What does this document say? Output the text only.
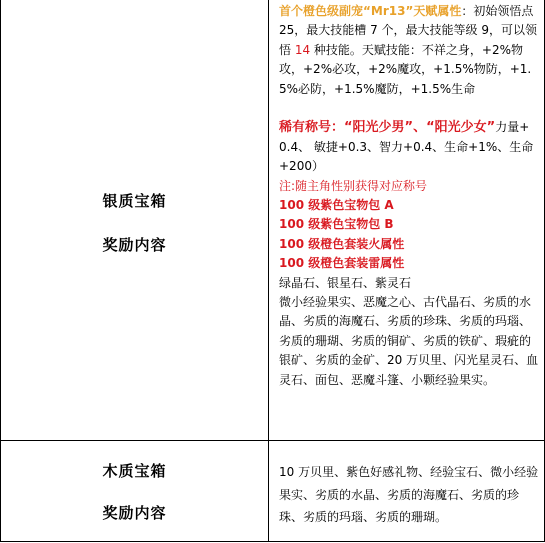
银质宝箱
奖励内容
首个橙色级副宠“Mr13”天赋属性：初始领悟点 25，最大技能槽 7 个，最大技能等级 9，可以领悟 14 种技能。天赋技能：不祥之身，+2%物攻，+2%必攻，+2%魔攻，+1.5%物防，+1.5%必防，+1.5%魔防，+1.5%生命
稀有称号：“阳光少男”、“阳光少女”力量+0.4、 敏捷+0.3、智力+0.4、生命+1%、生命+200）
注:随主角性别获得对应称号
100 级紫色宝物包 A
100 级紫色宝物包 B
100 级橙色套装火属性
100 级橙色套装雷属性
绿晶石、银星石、紫灵石
微小经验果实、恶魔之心、古代晶石、劣质的水晶、劣质的海魔石、劣质的珍珠、劣质的玛瑙、劣质的珊瑚、劣质的铜矿、劣质的铁矿、瑕疵的银矿、劣质的金矿、20 万贝里、闪光星灵石、血灵石、面包、恶魔斗篷、小颗经验果实。
木质宝箱
奖励内容
10 万贝里、紫色好感礼物、经验宝石、微小经验果实、劣质的水晶、劣质的海魔石、劣质的珍珠、劣质的玛瑙、劣质的珊瑚。
